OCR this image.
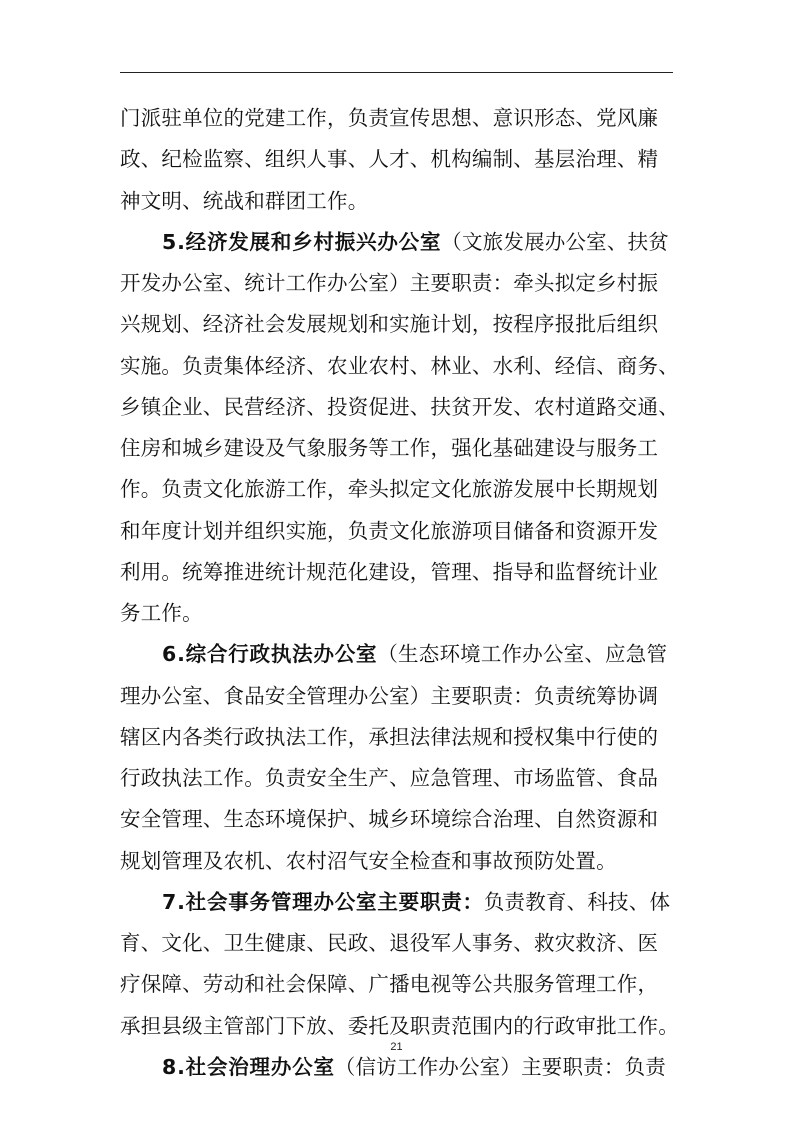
门派驻单位的党建工作，负责宣传思想、意识形态、党风廉
政、纪检监察、组织人事、人才、机构编制、基层治理、精
神文明、统战和群团工作。
5.经济发展和乡村振兴办公室（文旅发展办公室、扶贫
开发办公室、统计工作办公室）主要职责：牵头拟定乡村振
兴规划、经济社会发展规划和实施计划，按程序报批后组织
实施。负责集体经济、农业农村、林业、水利、经信、商务、
乡镇企业、民营经济、投资促进、扶贫开发、农村道路交通、
住房和城乡建设及气象服务等工作，强化基础建设与服务工
作。负责文化旅游工作，牵头拟定文化旅游发展中长期规划
和年度计划并组织实施，负责文化旅游项目储备和资源开发
利用。统筹推进统计规范化建设，管理、指导和监督统计业
务工作。
6.综合行政执法办公室（生态环境工作办公室、应急管
理办公室、食品安全管理办公室）主要职责：负责统筹协调
辖区内各类行政执法工作，承担法律法规和授权集中行使的
行政执法工作。负责安全生产、应急管理、市场监管、食品
安全管理、生态环境保护、城乡环境综合治理、自然资源和
规划管理及农机、农村沼气安全检查和事故预防处置。
7.社会事务管理办公室主要职责：负责教育、科技、体
育、文化、卫生健康、民政、退役军人事务、救灾救济、医
疗保障、劳动和社会保障、广播电视等公共服务管理工作，
承担县级主管部门下放、委托及职责范围内的行政审批工作。
8.社会治理办公室（信访工作办公室）主要职责：负责
21
